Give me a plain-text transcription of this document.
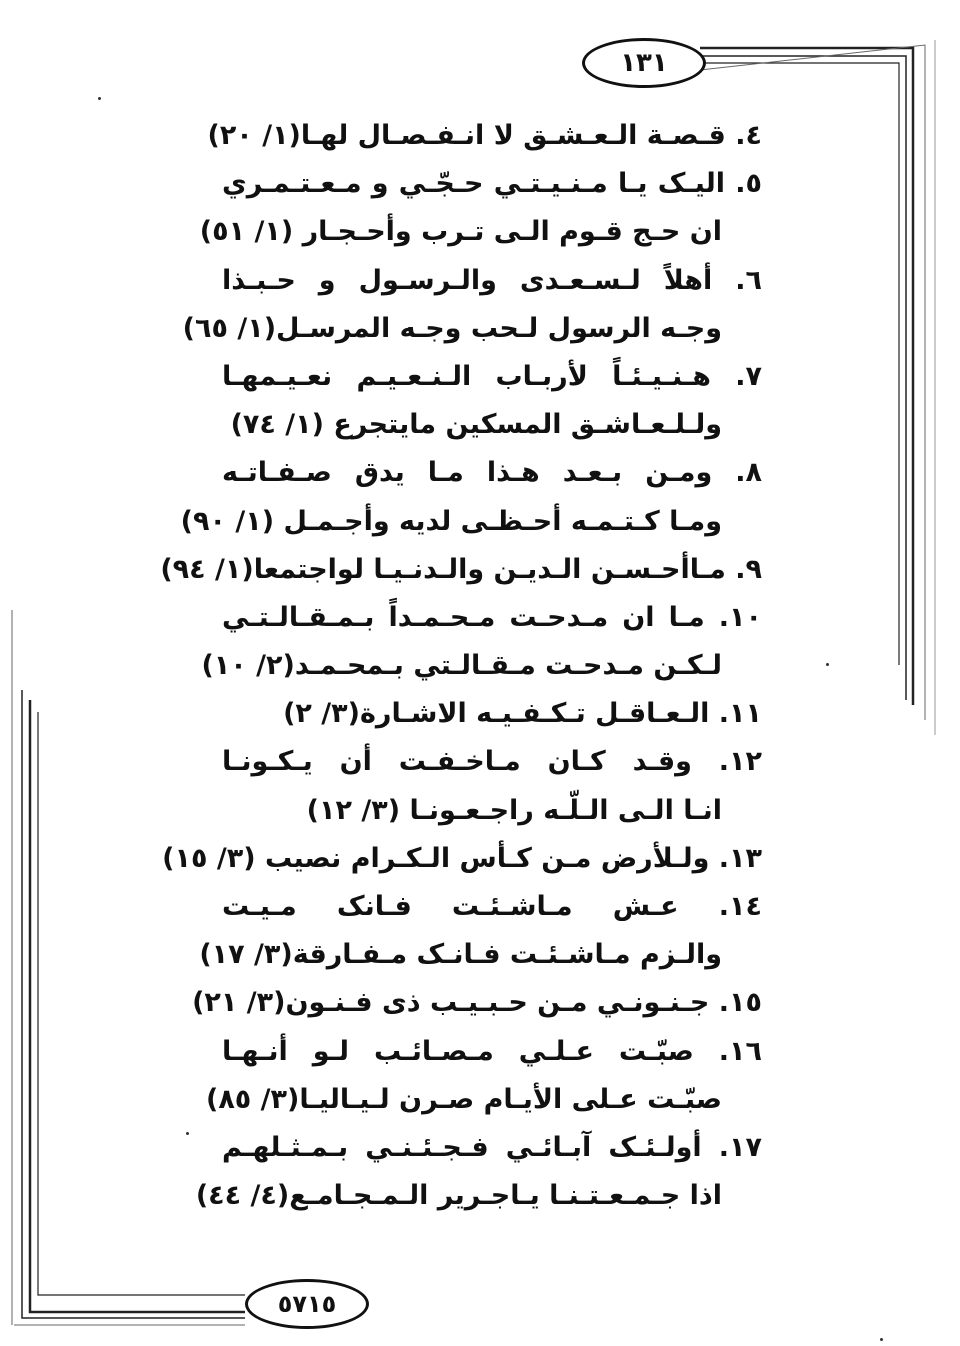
١٣١
٥٧١٥
٤. قـصـة الـعـشـق لا انـفـصـال لهـا(١/ ٢٠)
٥. اليـک يـا مـنـيـتـي حـجّـي و مـعـتـمـري
ان حـج قـوم الـى تـرب وأحـجـار (١/ ٥١)
٦. أهلاً لـسـعـدى والـرسـول و حـبـذا
وجـه الرسول لـحب وجـه المرسـل(١/ ٦٥)
٧. هـنـيـئـاً لأربـاب الـنـعـيـم نعـيـمهـا
ولـلـعـاشـق المسكين مايتجرع (١/ ٧٤)
٨. ومـن بـعـد هـذا مـا يدق صـفـاتـه
ومـا كـتـمـه أحـظـى لديه وأجـمـل (١/ ٩٠)
٩. مـاأحـسـن الـديـن والـدنـيـا لواجتمعا(١/ ٩٤)
١٠. مـا ان مـدحـت مـحـمـداً بـمـقـالـتـي
لـكـن مـدحـت مـقـالـتي بـمحـمـد(٢/ ١٠)
١١. الـعـاقـل تـكـفـيـه الاشـارة(٣/ ٢)
١٢. وقـد كـان مـاخـفـت أن يـكـونـا
انـا الـى الـلّـه راجـعـونـا (٣/ ١٢)
١٣. ولـلأرض مـن كـأس الـكـرام نصيب (٣/ ١٥)
١٤. عـش مـاشـئـت فـانک مـيـت
والـزم مـاشـئـت فـانـک مـفـارقة(٣/ ١٧)
١٥. جـنـونـي مـن حـبـيـب ذى فـنـون(٣/ ٢١)
١٦. صبّـت عـلـي مـصـائـب لـو أنـهـا
صبّـت عـلى الأيـام صـرن لـيـاليـا(٣/ ٨٥)
١٧. أولـئـک آبـائـي فـجـئـنـي بـمـثـلهـم
اذا جـمـعـتـنـا يـاجـرير الـمـجـامـع(٤/ ٤٤)
